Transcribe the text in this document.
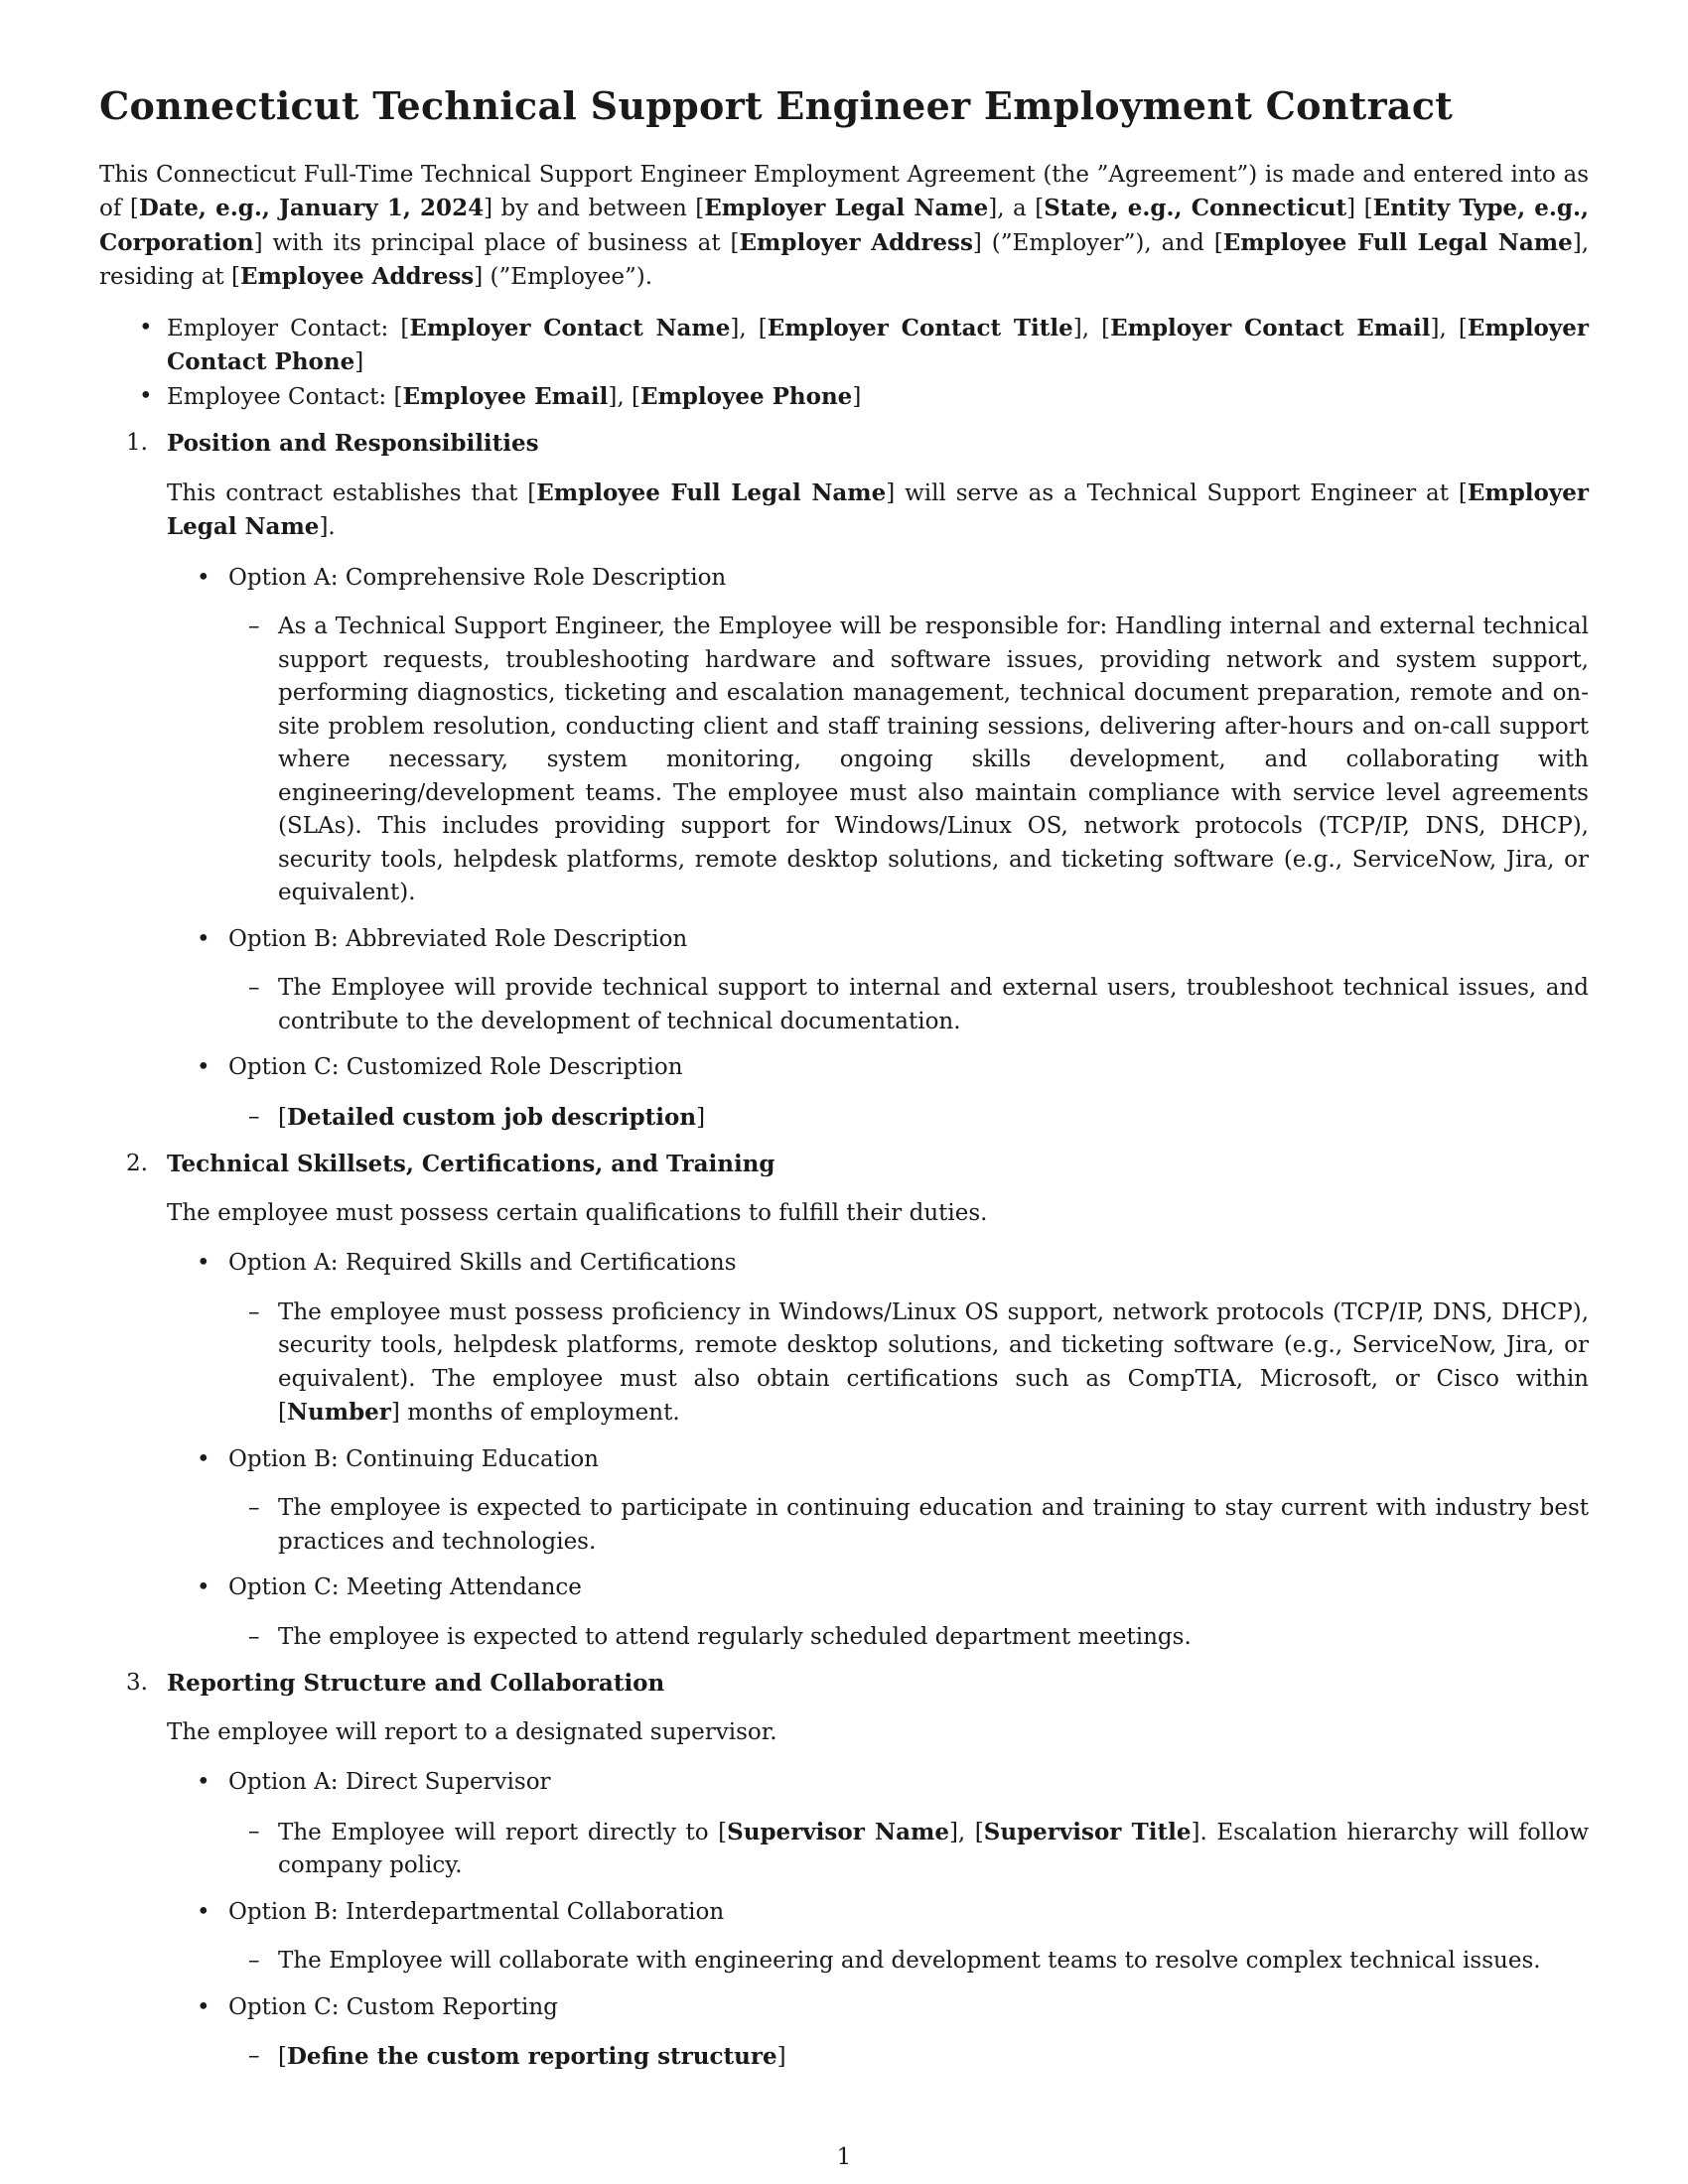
Connecticut Technical Support Engineer Employment Contract

This Connecticut Full-Time Technical Support Engineer Employment Agreement (the ”Agreement”) is made and entered into as of [Date, e.g., January 1, 2024] by and between [Employer Legal Name], a [State, e.g., Connecticut] [Entity Type, e.g., Corporation] with its principal place of business at [Employer Address] (”Employer”), and [Employee Full Legal Name], residing at [Employee Address] (”Employee”).

• Employer Contact: [Employer Contact Name], [Employer Contact Title], [Employer Contact Email], [Employer Contact Phone]
• Employee Contact: [Employee Email], [Employee Phone]
1. Position and Responsibilities

This contract establishes that [Employee Full Legal Name] will serve as a Technical Support Engineer at [Employer Legal Name].

• Option A: Comprehensive Role Description

– As a Technical Support Engineer, the Employee will be responsible for: Handling internal and external technical support requests, troubleshooting hardware and software issues, providing network and system support, performing diagnostics, ticketing and escalation management, technical document preparation, remote and on-site problem resolution, conducting client and staff training sessions, delivering after-hours and on-call support where necessary, system monitoring, ongoing skills development, and collaborating with engineering/development teams. The employee must also maintain compliance with service level agreements (SLAs). This includes providing support for Windows/Linux OS, network protocols (TCP/IP, DNS, DHCP), security tools, helpdesk platforms, remote desktop solutions, and ticketing software (e.g., ServiceNow, Jira, or equivalent).

• Option B: Abbreviated Role Description

– The Employee will provide technical support to internal and external users, troubleshoot technical issues, and contribute to the development of technical documentation.

• Option C: Customized Role Description

– [Detailed custom job description]

2. Technical Skillsets, Certifications, and Training

The employee must possess certain qualifications to fulfill their duties.

• Option A: Required Skills and Certifications

– The employee must possess proficiency in Windows/Linux OS support, network protocols (TCP/IP, DNS, DHCP), security tools, helpdesk platforms, remote desktop solutions, and ticketing software (e.g., ServiceNow, Jira, or equivalent). The employee must also obtain certifications such as CompTIA, Microsoft, or Cisco within [Number] months of employment.

• Option B: Continuing Education

– The employee is expected to participate in continuing education and training to stay current with industry best practices and technologies.

• Option C: Meeting Attendance

– The employee is expected to attend regularly scheduled department meetings.

3. Reporting Structure and Collaboration

The employee will report to a designated supervisor.

• Option A: Direct Supervisor

– The Employee will report directly to [Supervisor Name], [Supervisor Title]. Escalation hierarchy will follow company policy.

• Option B: Interdepartmental Collaboration

– The Employee will collaborate with engineering and development teams to resolve complex technical issues.

• Option C: Custom Reporting

– [Define the custom reporting structure]

1
